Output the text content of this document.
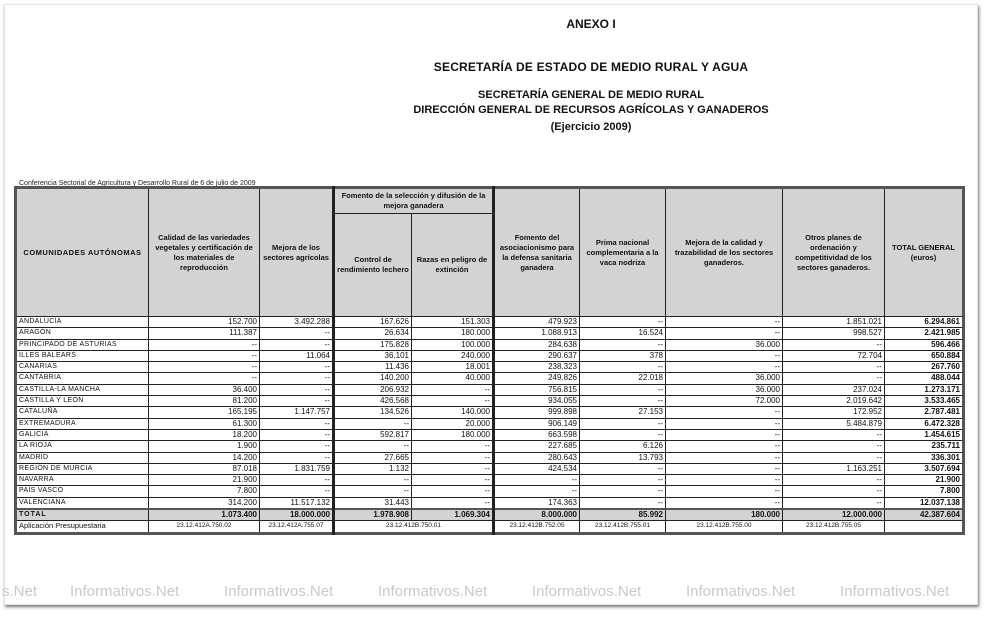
ANEXO I
SECRETARÍA DE ESTADO DE MEDIO RURAL Y AGUA
SECRETARÍA GENERAL DE MEDIO RURAL
DIRECCIÓN GENERAL DE RECURSOS AGRÍCOLAS Y GANADEROS
(Ejercicio 2009)
Conferencia Sectorial de Agricultura y Desarrollo Rural de 6 de julio de 2009
COMUNIDADES AUTÓNOMAS	Calidad de las variedades vegetales y certificación de los materiales de reproducción	Mejora de los sectores agrícolas	Fomento de la selección y difusión de la mejora ganadera		Fomento del asociacionismo para la defensa sanitaria ganadera	Prima nacional complementaria a la vaca nodriza	Mejora de la calidad y trazabilidad de los sectores ganaderos.	Otros planes de ordenación y competitividad de los sectores ganaderos.	TOTAL GENERAL (euros)
			Control de rendimiento lechero	Razas en peligro de extinción					
ANDALUCÍA	152.700	3.492.288	167.626	151.303	479.923	--	--	1.851.021	6.294.861
ARAGÓN	111.387	--	26.634	180.000	1.088.913	16.524	--	998.527	2.421.985
PRINCIPADO DE ASTURIAS	--	--	175.828	100.000	284.638	--	36.000	--	596.466
ILLES BALEARS	--	11.064	36.101	240.000	290.637	378	--	72.704	650.884
CANARIAS	--	--	11.436	18.001	238.323	--	--	--	267.760
CANTABRIA	--	--	140.200	40.000	249.826	22.018	36.000	--	488.044
CASTILLA-LA MANCHA	36.400	--	206.932	--	756.815	--	36.000	237.024	1.273.171
CASTILLA Y LEÓN	81.200	--	426.568	--	934.055	--	72.000	2.019.642	3.533.465
CATALUÑA	165.195	1.147.757	134.526	140.000	999.898	27.153	--	172.952	2.787.481
EXTREMADURA	61.300	--	--	20.000	906.149	--	--	5.484.879	6.472.328
GALICIA	18.200	--	592.817	180.000	663.598	--	--	--	1.454.615
LA RIOJA	1.900	--	--	--	227.685	6.126	--	--	235.711
MADRID	14.200	--	27.665	--	280.643	13.793	--	--	336.301
REGIÓN DE MURCIA	87.018	1.831.759	1.132	--	424.534	--	--	1.163.251	3.507.694
NAVARRA	21.900	--	--	--	--	--	--	--	21.900
PAÍS VASCO	7.800	--	--	--	--	--	--	--	7.800
VALENCIANA	314.200	11.517.132	31.443	--	174.363	--	--	--	12.037.138
TOTAL	1.073.400	18.000.000	1.978.908	1.069.304	8.000.000	85.992	180.000	12.000.000	42.387.604
Aplicación Presupuestaria	23.12.412A.750.02	23.12.412A.755.07	23.12.412B.750.01		23.12.412B.752.05	23.12.412B.755.01	23.12.412B.755.00	23.12.412B.755.05	
s.Net Informativos.Net	Informativos.Net	Informativos.Net	Informativos.Net	Informativos.Net	Informativos.Net
